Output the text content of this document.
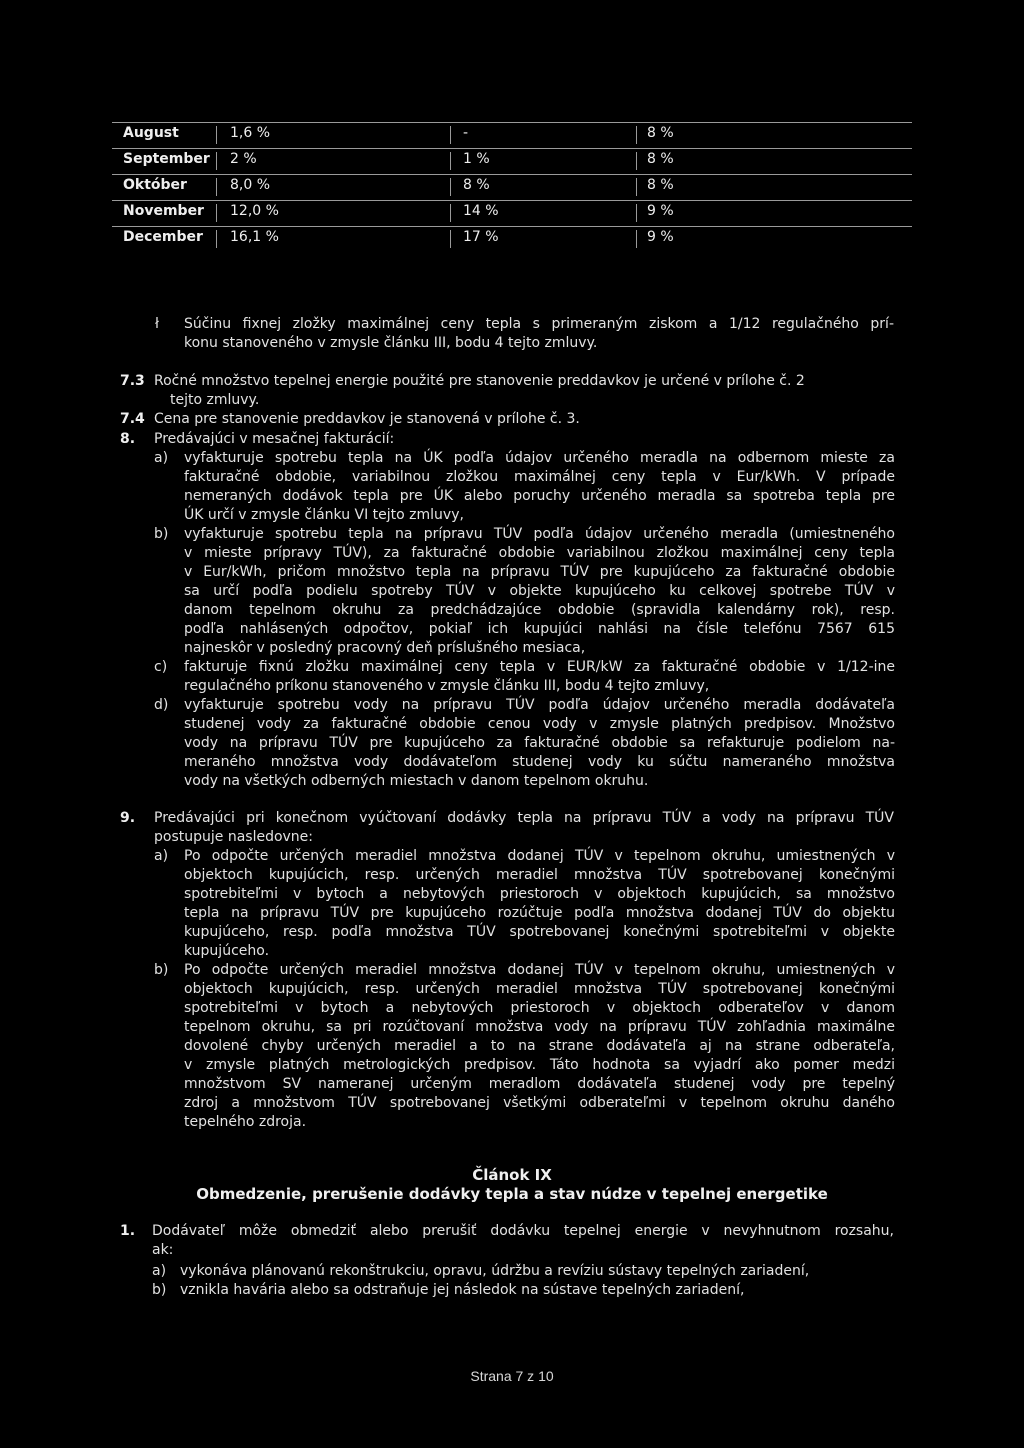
August	1,6 %	-	8 %
September 2 %	1 %	8 %
Október	8,0 %	8 %	8 %
November 12,0 %	14 %	9 %
December 16,1 %	17 %	9 %
ł Súčinu fixnej zložky maximálnej ceny tepla s primeraným ziskom a 1/12 regulačného prí-
konu stanoveného v zmysle článku III, bodu 4 tejto zmluvy.
7.3 Ročné množstvo tepelnej energie použité pre stanovenie preddavkov je určené v prílohe č. 2
tejto zmluvy.
7.4 Cena pre stanovenie preddavkov je stanovená v prílohe č. 3.
8. Predávajúci v mesačnej fakturácií:
a) vyfakturuje spotrebu tepla na ÚK podľa údajov určeného meradla na odbernom mieste za
fakturačné obdobie, variabilnou zložkou maximálnej ceny tepla v Eur/kWh. V prípade
nemeraných dodávok tepla pre ÚK alebo poruchy určeného meradla sa spotreba tepla pre
ÚK určí v zmysle článku VI tejto zmluvy,
b) vyfakturuje spotrebu tepla na prípravu TÚV podľa údajov určeného meradla (umiestneného
v mieste prípravy TÚV), za fakturačné obdobie variabilnou zložkou maximálnej ceny tepla
v Eur/kWh, pričom množstvo tepla na prípravu TÚV pre kupujúceho za fakturačné obdobie
sa určí podľa podielu spotreby TÚV v objekte kupujúceho ku celkovej spotrebe TÚV v
danom tepelnom okruhu za predchádzajúce obdobie (spravidla kalendárny rok), resp.
podľa nahlásených odpočtov, pokiaľ ich kupujúci nahlási na čísle telefónu 7567 615
najneskôr v posledný pracovný deň príslušného mesiaca,
c) fakturuje fixnú zložku maximálnej ceny tepla v EUR/kW za fakturačné obdobie v 1/12-ine
regulačného príkonu stanoveného v zmysle článku III, bodu 4 tejto zmluvy,
d) vyfakturuje spotrebu vody na prípravu TÚV podľa údajov určeného meradla dodávateľa
studenej vody za fakturačné obdobie cenou vody v zmysle platných predpisov. Množstvo
vody na prípravu TÚV pre kupujúceho za fakturačné obdobie sa refakturuje podielom na-
meraného množstva vody dodávateľom studenej vody ku súčtu nameraného množstva
vody na všetkých odberných miestach v danom tepelnom okruhu.
9. Predávajúci pri konečnom vyúčtovaní dodávky tepla na prípravu TÚV a vody na prípravu TÚV
postupuje nasledovne:
a) Po odpočte určených meradiel množstva dodanej TÚV v tepelnom okruhu, umiestnených v
objektoch kupujúcich, resp. určených meradiel množstva TÚV spotrebovanej konečnými
spotrebiteľmi v bytoch a nebytových priestoroch v objektoch kupujúcich, sa množstvo
tepla na prípravu TÚV pre kupujúceho rozúčtuje podľa množstva dodanej TÚV do objektu
kupujúceho, resp. podľa množstva TÚV spotrebovanej konečnými spotrebiteľmi v objekte
kupujúceho.
b) Po odpočte určených meradiel množstva dodanej TÚV v tepelnom okruhu, umiestnených v
objektoch kupujúcich, resp. určených meradiel množstva TÚV spotrebovanej konečnými
spotrebiteľmi v bytoch a nebytových priestoroch v objektoch odberateľov v danom
tepelnom okruhu, sa pri rozúčtovaní množstva vody na prípravu TÚV zohľadnia maximálne
dovolené chyby určených meradiel a to na strane dodávateľa aj na strane odberateľa,
v zmysle platných metrologických predpisov. Táto hodnota sa vyjadrí ako pomer medzi
množstvom SV nameranej určeným meradlom dodávateľa studenej vody pre tepelný
zdroj a množstvom TÚV spotrebovanej všetkými odberateľmi v tepelnom okruhu daného
tepelného zdroja.
Článok IX
Obmedzenie, prerušenie dodávky tepla a stav núdze v tepelnej energetike
1. Dodávateľ môže obmedziť alebo prerušiť dodávku tepelnej energie v nevyhnutnom rozsahu,
ak:
a) vykonáva plánovanú rekonštrukciu, opravu, údržbu a revíziu sústavy tepelných zariadení,
b) vznikla havária alebo sa odstraňuje jej následok na sústave tepelných zariadení,
Strana 7 z 10
